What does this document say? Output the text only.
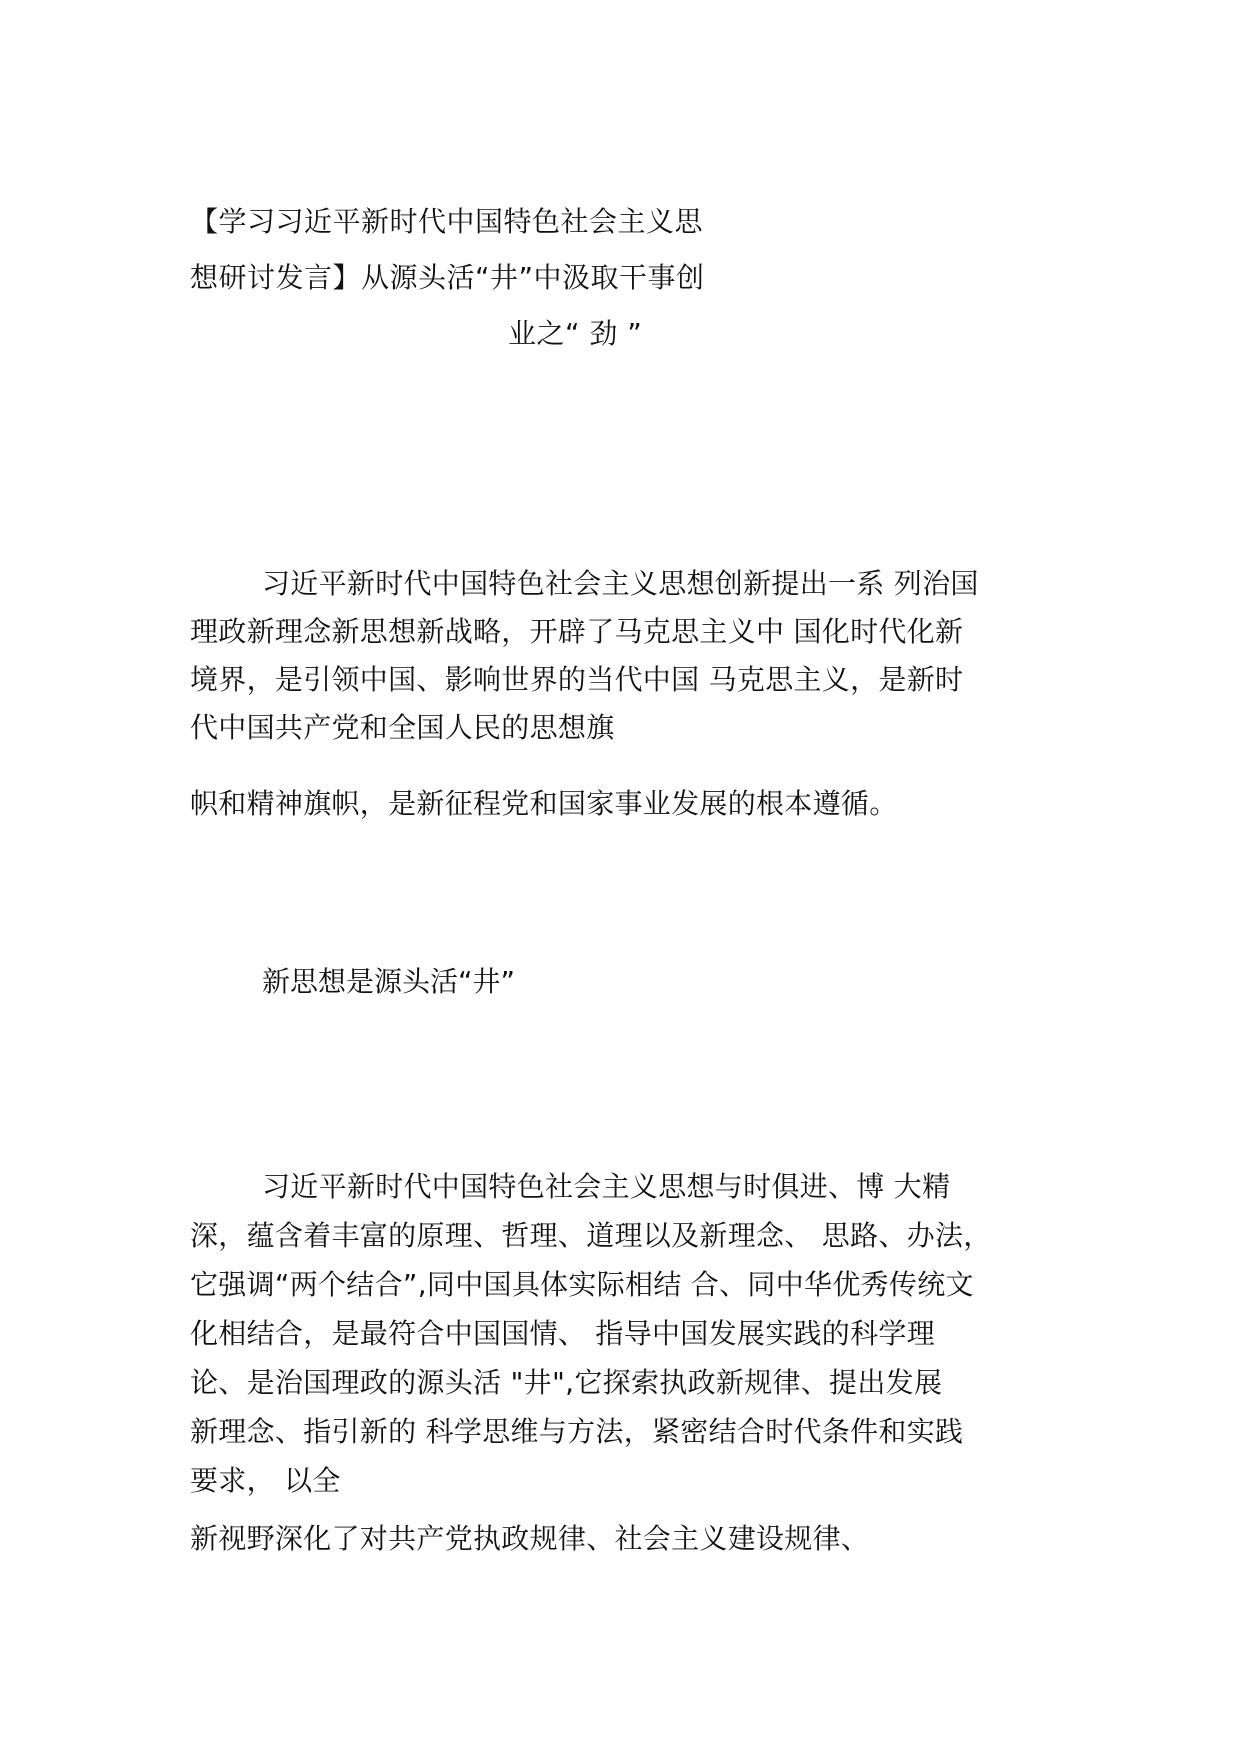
【学习习近平新时代中国特色社会主义思
想研讨发言】从源头活“井”中汲取干事创
业之“ 劲 ”
习近平新时代中国特色社会主义思想创新提出一系 列治国
理政新理念新思想新战略，开辟了马克思主义中 国化时代化新
境界，是引领中国、影响世界的当代中国 马克思主义，是新时
代中国共产党和全国人民的思想旗
帜和精神旗帜，是新征程党和国家事业发展的根本遵循。
新思想是源头活“井”
习近平新时代中国特色社会主义思想与时俱进、博 大精
深，蕴含着丰富的原理、哲理、道理以及新理念、 思路、办法，
它强调“两个结合”,同中国具体实际相结 合、同中华优秀传统文
化相结合，是最符合中国国情、 指导中国发展实践的科学理
论、是治国理政的源头活 "井",它探索执政新规律、提出发展
新理念、指引新的 科学思维与方法，紧密结合时代条件和实践
要求， 以全
新视野深化了对共产党执政规律、社会主义建设规律、
